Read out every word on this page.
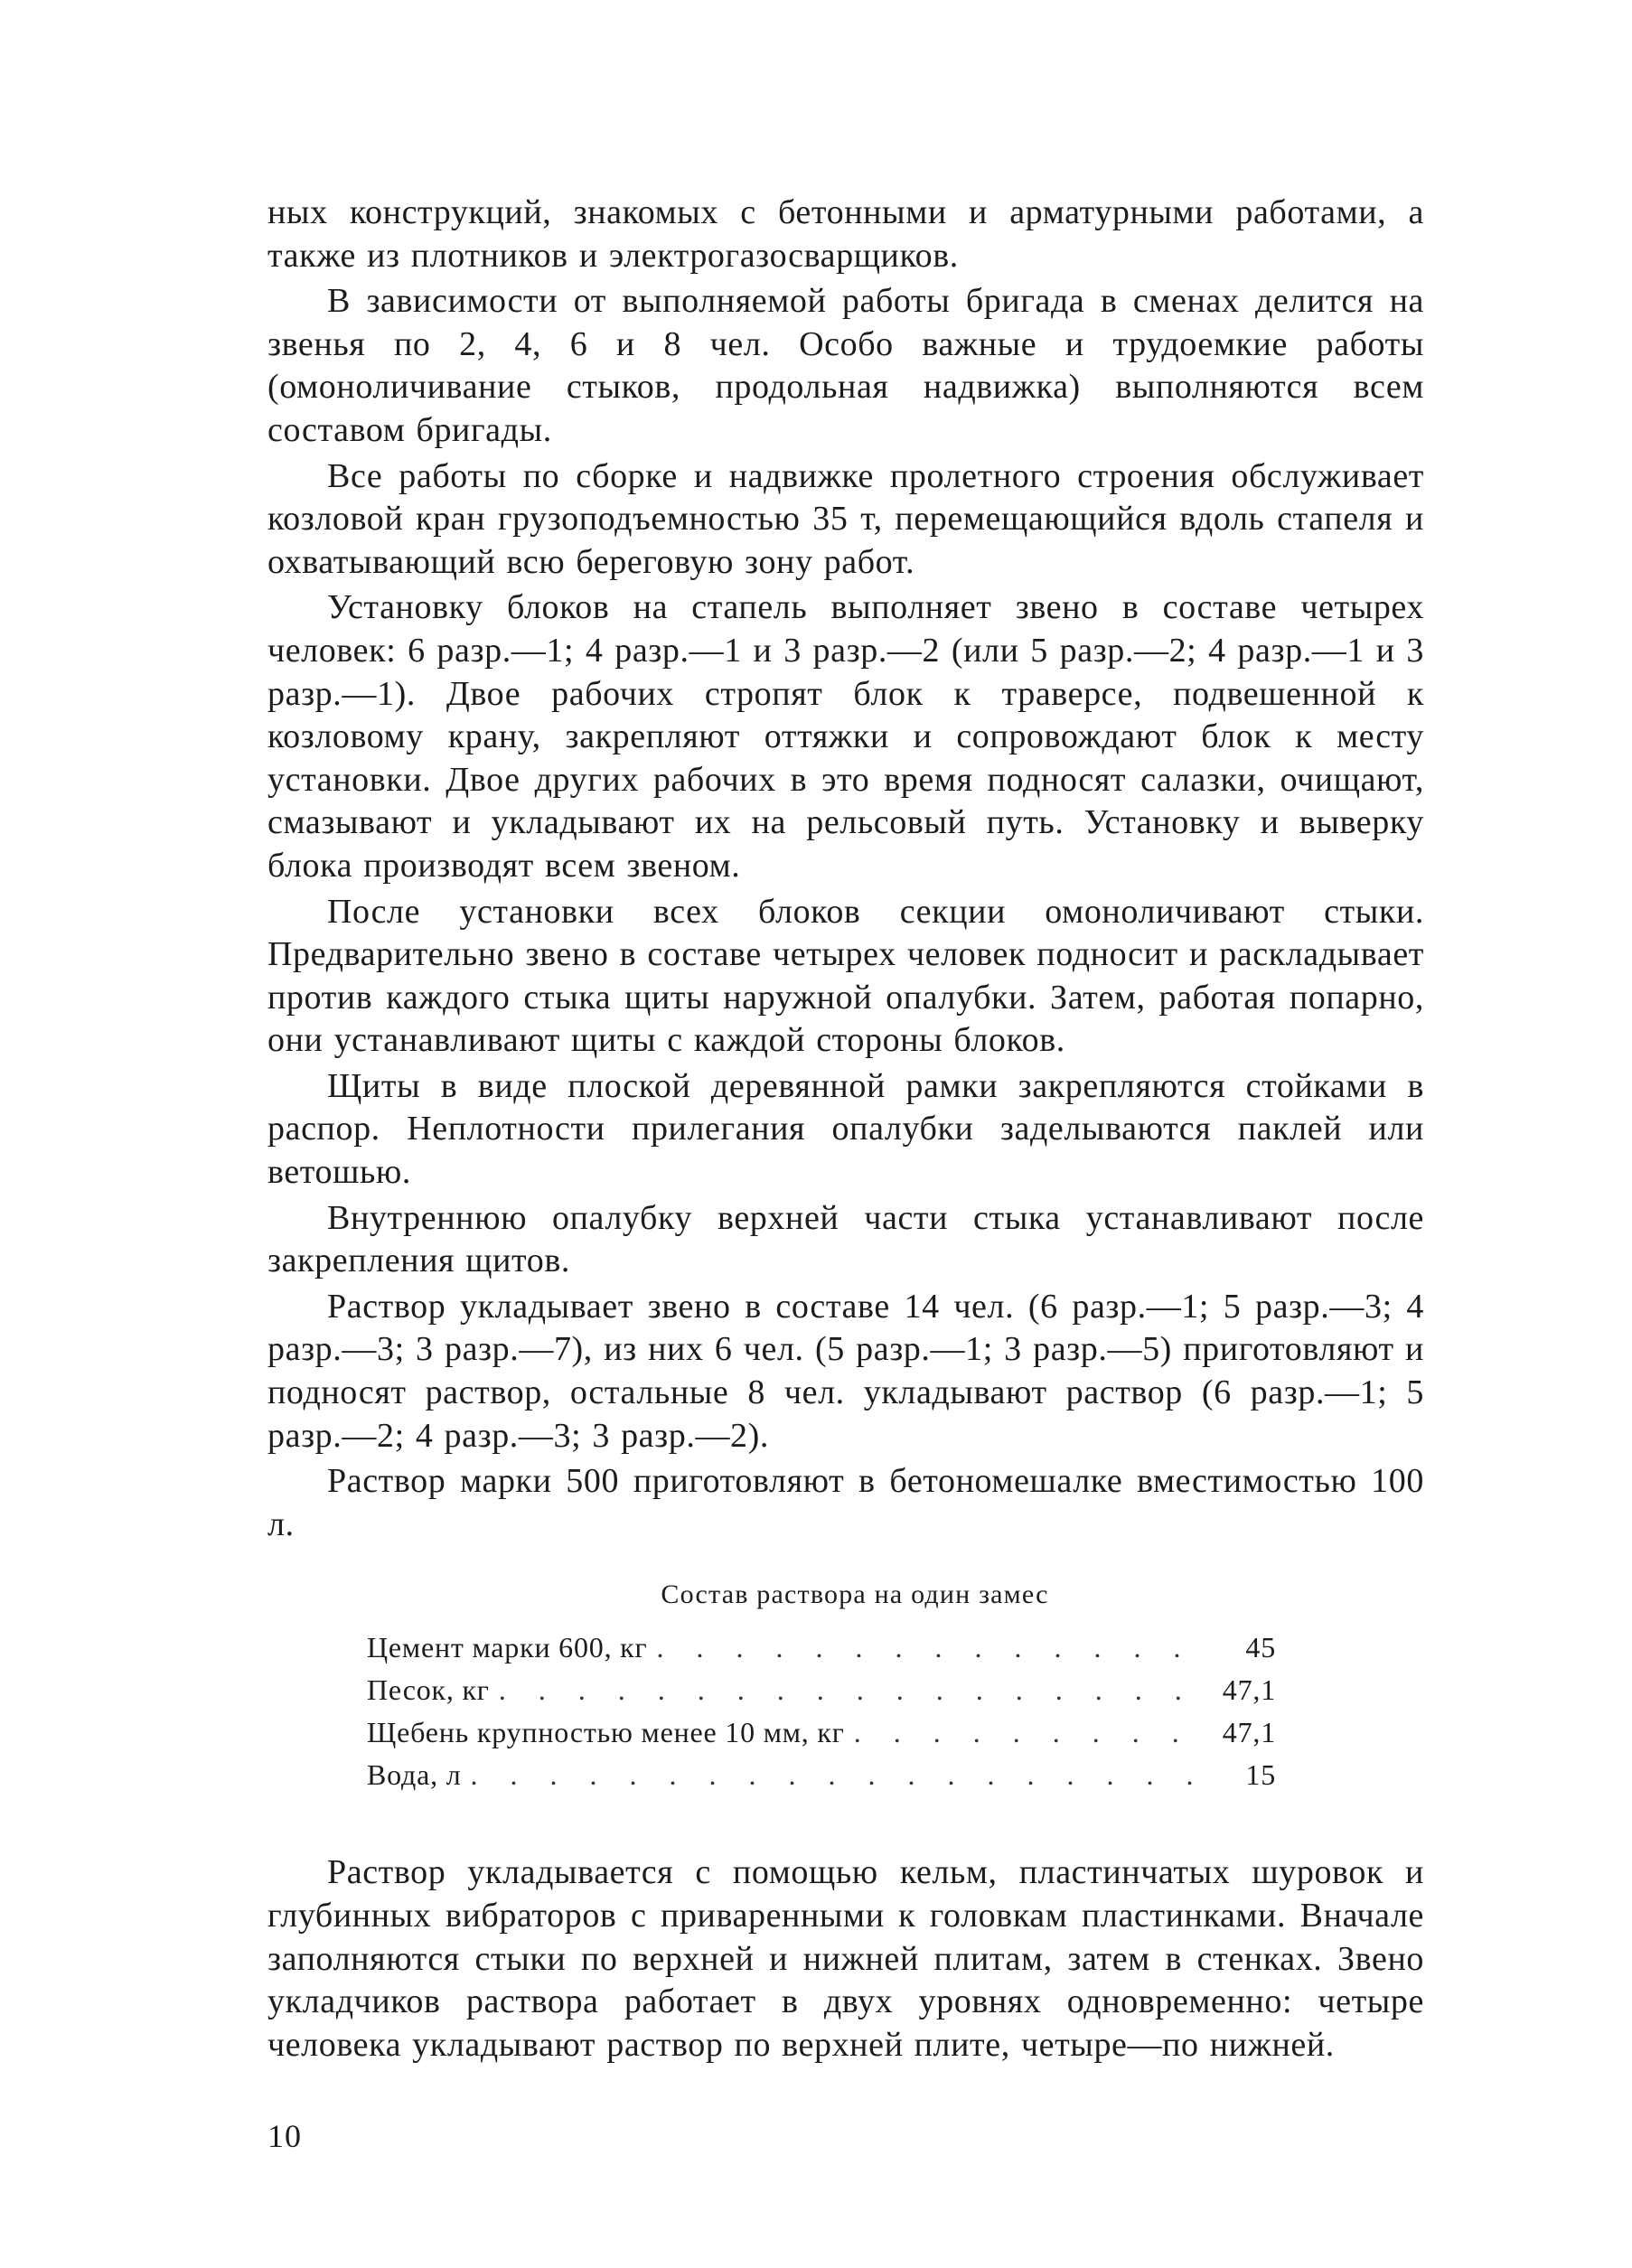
ных конструкций, знакомых с бетонными и арматурными работами, а также из плотников и электрогазосварщиков.

В зависимости от выполняемой работы бригада в сменах делится на звенья по 2, 4, 6 и 8 чел. Особо важные и трудоемкие работы (омоноличивание стыков, продольная надвижка) выполняются всем составом бригады.

Все работы по сборке и надвижке пролетного строения обслуживает козловой кран грузоподъемностью 35 т, перемещающийся вдоль стапеля и охватывающий всю береговую зону работ.

Установку блоков на стапель выполняет звено в составе четырех человек: 6 разр.—1; 4 разр.—1 и 3 разр.—2 (или 5 разр.—2; 4 разр.—1 и 3 разр.—1). Двое рабочих стропят блок к траверсе, подвешенной к козловому крану, закрепляют оттяжки и сопровождают блок к месту установки. Двое других рабочих в это время подносят салазки, очищают, смазывают и укладывают их на рельсовый путь. Установку и выверку блока производят всем звеном.

После установки всех блоков секции омоноличивают стыки. Предварительно звено в составе четырех человек подносит и раскладывает против каждого стыка щиты наружной опалубки. Затем, работая попарно, они устанавливают щиты с каждой стороны блоков.

Щиты в виде плоской деревянной рамки закрепляются стойками в распор. Неплотности прилегания опалубки заделываются паклей или ветошью.

Внутреннюю опалубку верхней части стыка устанавливают после закрепления щитов.

Раствор укладывает звено в составе 14 чел. (6 разр.—1; 5 разр.—3; 4 разр.—3; 3 разр.—7), из них 6 чел. (5 разр.—1; 3 разр.—5) приготовляют и подносят раствор, остальные 8 чел. укладывают раствор (6 разр.—1; 5 разр.—2; 4 разр.—3; 3 разр.—2).

Раствор марки 500 приготовляют в бетономешалке вместимостью 100 л.

Состав раствора на один замес
Цемент марки 600, кг . . .	45
Песок, кг . . .	47,1
Щебень крупностью менее 10 мм, кг . . .	47,1
Вода, л . . .	15

Раствор укладывается с помощью кельм, пластинчатых шуровок и глубинных вибраторов с приваренными к головкам пластинками. Вначале заполняются стыки по верхней и нижней плитам, затем в стенках. Звено укладчиков раствора работает в двух уровнях одновременно: четыре человека укладывают раствор по верхней плите, четыре—по нижней.

10
